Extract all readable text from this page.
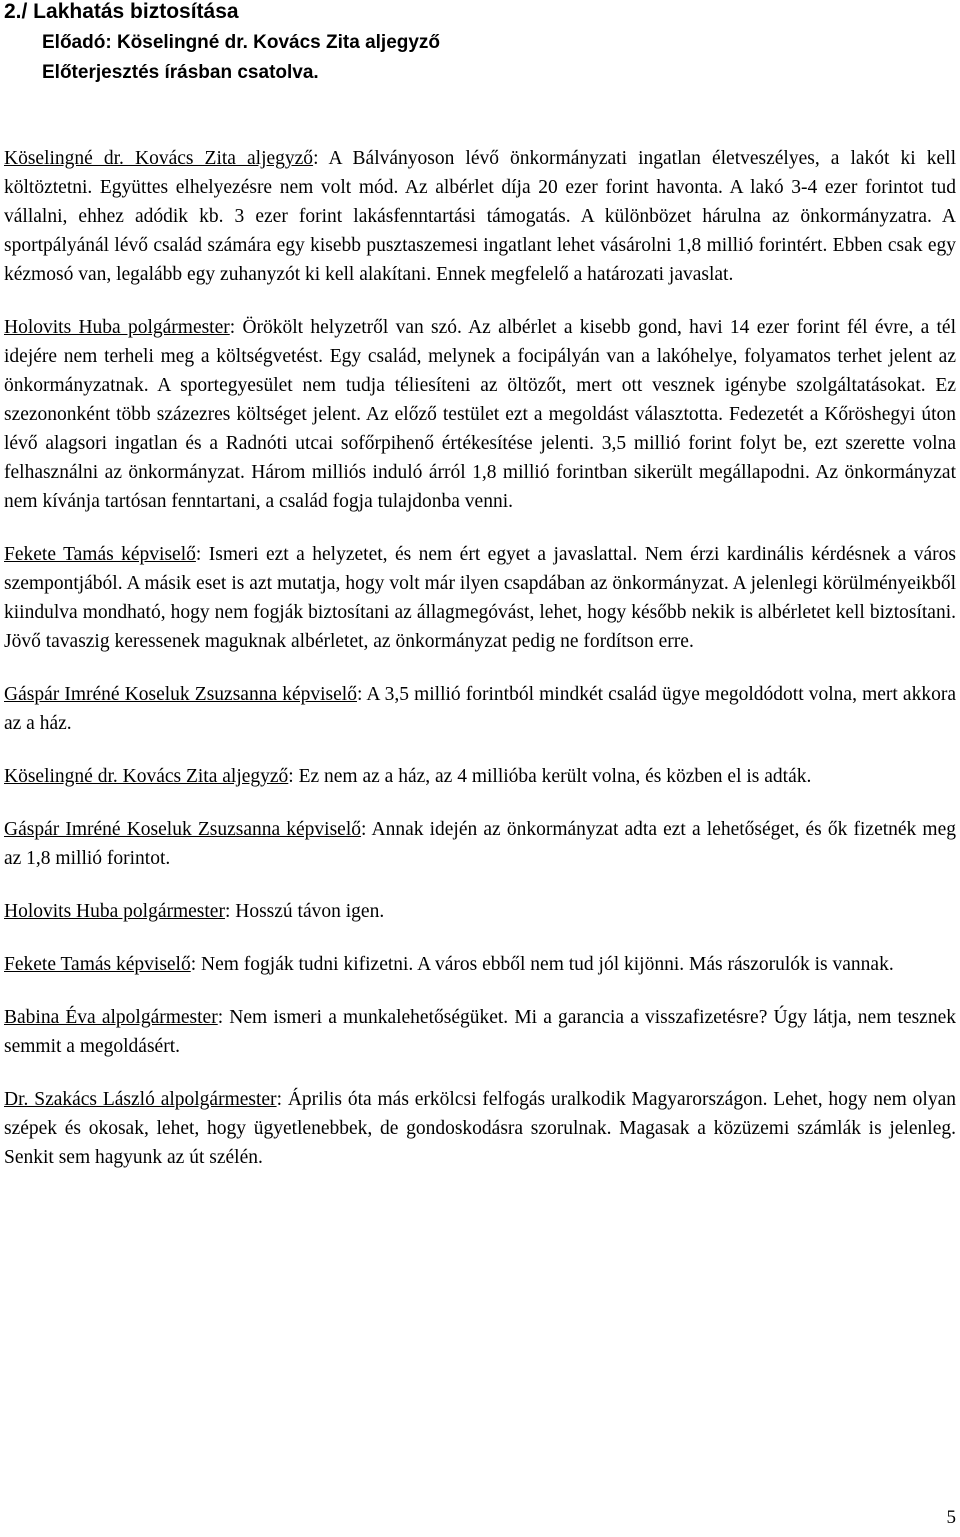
2./ Lakhatás biztosítása
Előadó: Köselingné dr. Kovács Zita aljegyző
Előterjesztés írásban csatolva.

Köselingné dr. Kovács Zita aljegyző: A Bálványoson lévő önkormányzati ingatlan életveszélyes, a lakót ki kell költöztetni. Együttes elhelyezésre nem volt mód. Az albérlet díja 20 ezer forint havonta. A lakó 3-4 ezer forintot tud vállalni, ehhez adódik kb. 3 ezer forint lakásfenntartási támogatás. A különbözet hárulna az önkormányzatra. A sportpályánál lévő család számára egy kisebb pusztaszemesi ingatlant lehet vásárolni 1,8 millió forintért. Ebben csak egy kézmosó van, legalább egy zuhanyzót ki kell alakítani. Ennek megfelelő a határozati javaslat.

Holovits Huba polgármester: Örökölt helyzetről van szó. Az albérlet a kisebb gond, havi 14 ezer forint fél évre, a tél idejére nem terheli meg a költségvetést. Egy család, melynek a focipályán van a lakóhelye, folyamatos terhet jelent az önkormányzatnak. A sportegyesület nem tudja téliesíteni az öltözőt, mert ott vesznek igénybe szolgáltatásokat. Ez szezononként több százezres költséget jelent. Az előző testület ezt a megoldást választotta. Fedezetét a Kőröshegyi úton lévő alagsori ingatlan és a Radnóti utcai sofőrpihenő értékesítése jelenti. 3,5 millió forint folyt be, ezt szerette volna felhasználni az önkormányzat. Három milliós induló árról 1,8 millió forintban sikerült megállapodni. Az önkormányzat nem kívánja tartósan fenntartani, a család fogja tulajdonba venni.

Fekete Tamás képviselő: Ismeri ezt a helyzetet, és nem ért egyet a javaslattal. Nem érzi kardinális kérdésnek a város szempontjából. A másik eset is azt mutatja, hogy volt már ilyen csapdában az önkormányzat. A jelenlegi körülményeikből kiindulva mondható, hogy nem fogják biztosítani az állagmegóvást, lehet, hogy később nekik is albérletet kell biztosítani. Jövő tavaszig keressenek maguknak albérletet, az önkormányzat pedig ne fordítson erre.

Gáspár Imréné Koseluk Zsuzsanna képviselő: A 3,5 millió forintból mindkét család ügye megoldódott volna, mert akkora az a ház.

Köselingné dr. Kovács Zita aljegyző: Ez nem az a ház, az 4 millióba került volna, és közben el is adták.

Gáspár Imréné Koseluk Zsuzsanna képviselő: Annak idején az önkormányzat adta ezt a lehetőséget, és ők fizetnék meg az 1,8 millió forintot.

Holovits Huba polgármester: Hosszú távon igen.

Fekete Tamás képviselő: Nem fogják tudni kifizetni. A város ebből nem tud jól kijönni. Más rászorulók is vannak.

Babina Éva alpolgármester: Nem ismeri a munkalehetőségüket. Mi a garancia a visszafizetésre? Úgy látja, nem tesznek semmit a megoldásért.

Dr. Szakács László alpolgármester: Április óta más erkölcsi felfogás uralkodik Magyarországon. Lehet, hogy nem olyan szépek és okosak, lehet, hogy ügyetlenebbek, de gondoskodásra szorulnak. Magasak a közüzemi számlák is jelenleg. Senkit sem hagyunk az út szélén.

5
